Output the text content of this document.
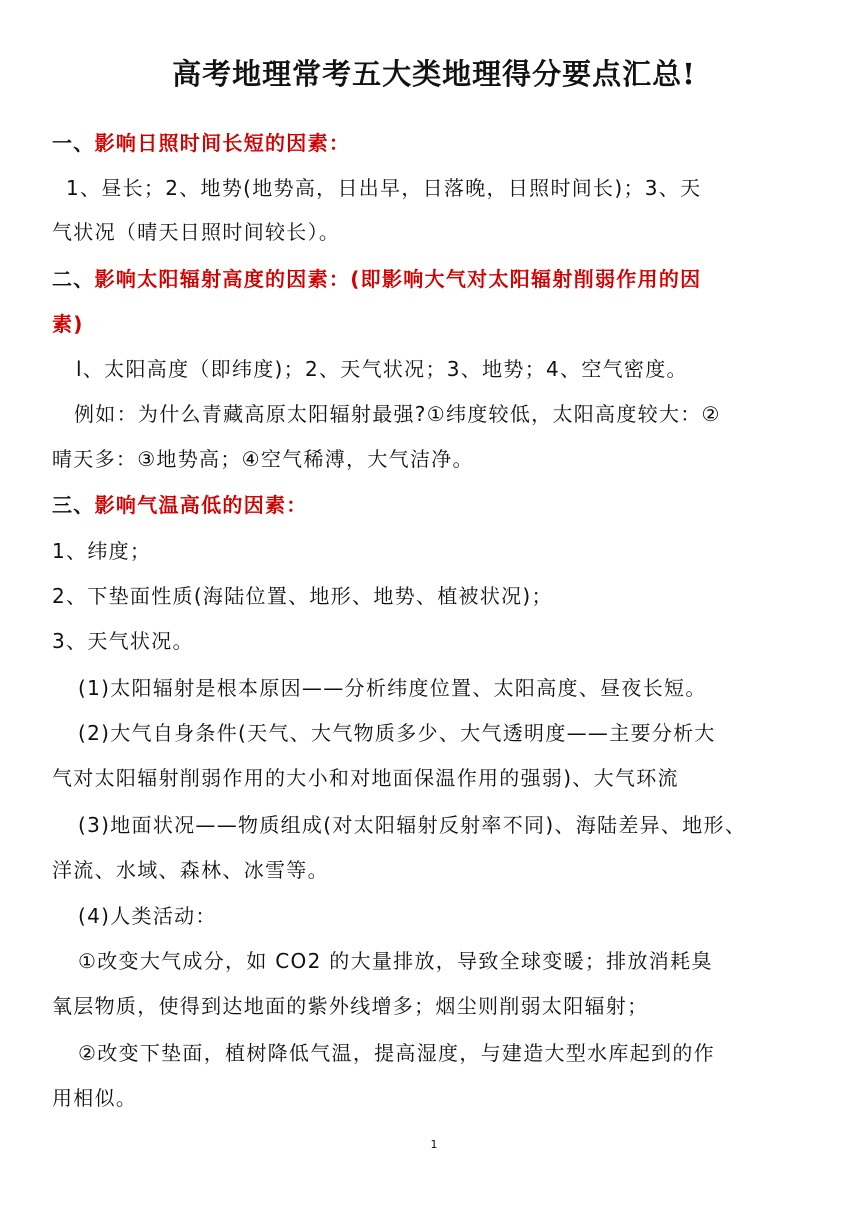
高考地理常考五大类地理得分要点汇总!
一、影响日照时间长短的因素：
1、昼长；2、地势(地势高，日出早，日落晚，日照时间长)；3、天
气状况（晴天日照时间较长）。
二、影响太阳辐射高度的因素：(即影响大气对太阳辐射削弱作用的因
素)
l、太阳高度（即纬度)；2、天气状况；3、地势；4、空气密度。
例如：为什么青藏高原太阳辐射最强?①纬度较低，太阳高度较大：②
晴天多：③地势高；④空气稀溥，大气洁净。
三、影响气温高低的因素：
1、纬度；
2、下垫面性质(海陆位置、地形、地势、植被状况)；
3、天气状况。
(1)太阳辐射是根本原因——分析纬度位置、太阳高度、昼夜长短。
(2)大气自身条件(天气、大气物质多少、大气透明度——主要分析大
气对太阳辐射削弱作用的大小和对地面保温作用的强弱)、大气环流
(3)地面状况——物质组成(对太阳辐射反射率不同)、海陆差异、地形、
洋流、水域、森林、冰雪等。
(4)人类活动：
①改变大气成分，如 CO2 的大量排放，导致全球变暖；排放消耗臭
氧层物质，使得到达地面的紫外线增多；烟尘则削弱太阳辐射；
②改变下垫面，植树降低气温，提高湿度，与建造大型水库起到的作
用相似。
1
